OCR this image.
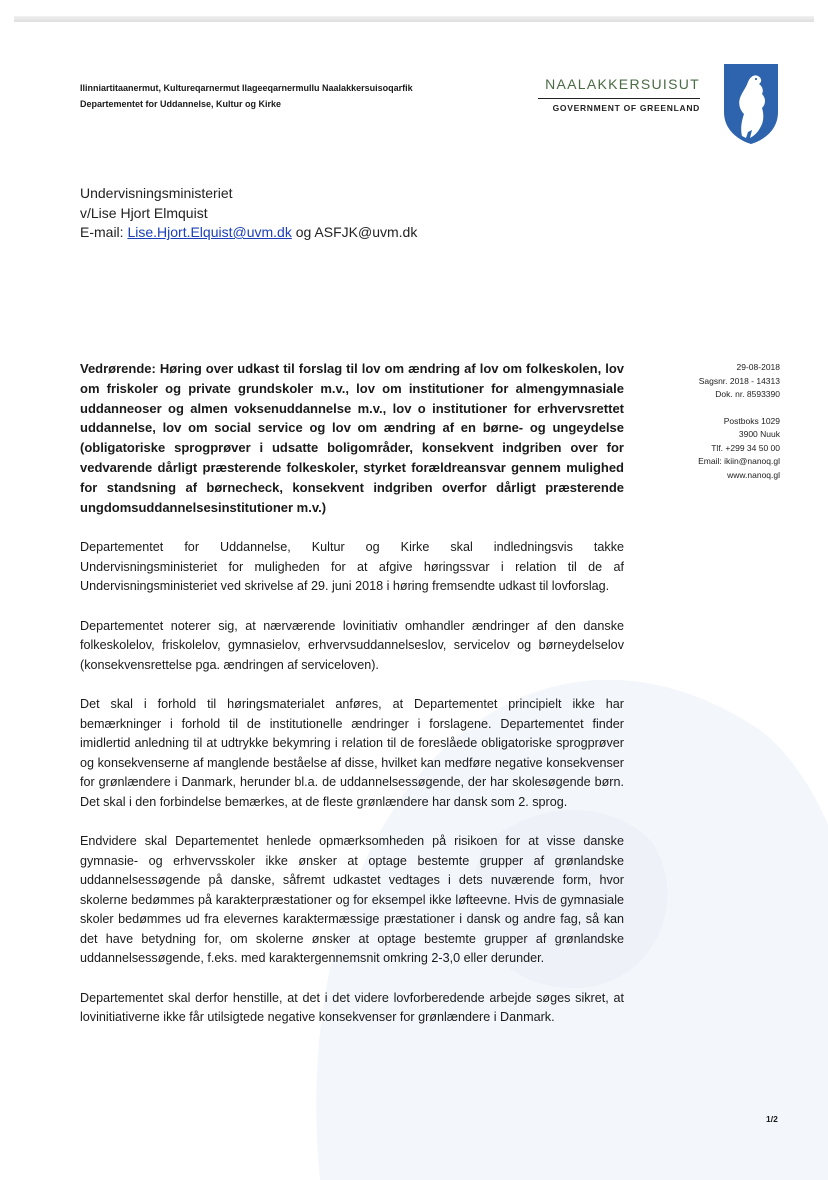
Ilinniartitaanermut, Kultureqarnermut Ilageeqarnermullu Naalakkersuisoqarfik
Departementet for Uddannelse, Kultur og Kirke
NAALAKKERSUISUT
GOVERNMENT OF GREENLAND
Undervisningsministeriet
v/Lise Hjort Elmquist
E-mail: Lise.Hjort.Elquist@uvm.dk og ASFJK@uvm.dk
29-08-2018
Sagsnr. 2018 - 14313
Dok. nr. 8593390
Postboks 1029
3900 Nuuk
Tlf. +299 34 50 00
Email: ikiin@nanoq.gl
www.nanoq.gl

Vedrørende: Høring over udkast til forslag til lov om ændring af lov om folkeskolen, lov om friskoler og private grundskoler m.v., lov om institutioner for almengymnasiale uddanneoser og almen voksenuddannelse m.v., lov o institutioner for erhvervsrettet uddannelse, lov om social service og lov om ændring af en børne- og ungeydelse (obligatoriske sprogprøver i udsatte boligområder, konsekvent indgriben over for vedvarende dårligt præsterende folkeskoler, styrket forældreansvar gennem mulighed for standsning af børnecheck, konsekvent indgriben overfor dårligt præsterende ungdomsuddannelsesinstitutioner m.v.)

Departementet for Uddannelse, Kultur og Kirke skal indledningsvis takke Undervisningsministeriet for muligheden for at afgive høringssvar i relation til de af Undervisningsministeriet ved skrivelse af 29. juni 2018 i høring fremsendte udkast til lovforslag.

Departementet noterer sig, at nærværende lovinitiativ omhandler ændringer af den danske folkeskolelov, friskolelov, gymnasielov, erhvervsuddannelseslov, servicelov og børneydelselov (konsekvensrettelse pga. ændringen af serviceloven).

Det skal i forhold til høringsmaterialet anføres, at Departementet principielt ikke har bemærkninger i forhold til de institutionelle ændringer i forslagene. Departementet finder imidlertid anledning til at udtrykke bekymring i relation til de foreslåede obligatoriske sprogprøver og konsekvenserne af manglende beståelse af disse, hvilket kan medføre negative konsekvenser for grønlændere i Danmark, herunder bl.a. de uddannelsessøgende, der har skolesøgende børn. Det skal i den forbindelse bemærkes, at de fleste grønlændere har dansk som 2. sprog.

Endvidere skal Departementet henlede opmærksomheden på risikoen for at visse danske gymnasie- og erhvervsskoler ikke ønsker at optage bestemte grupper af grønlandske uddannelsessøgende på danske, såfremt udkastet vedtages i dets nuværende form, hvor skolerne bedømmes på karakterpræstationer og for eksempel ikke løfteevne. Hvis de gymnasiale skoler bedømmes ud fra elevernes karaktermæssige præstationer i dansk og andre fag, så kan det have betydning for, om skolerne ønsker at optage bestemte grupper af grønlandske uddannelsessøgende, f.eks. med karaktergennemsnit omkring 2-3,0 eller derunder.

Departementet skal derfor henstille, at det i det videre lovforberedende arbejde søges sikret, at lovinitiativerne ikke får utilsigtede negative konsekvenser for grønlændere i Danmark.

1/2
